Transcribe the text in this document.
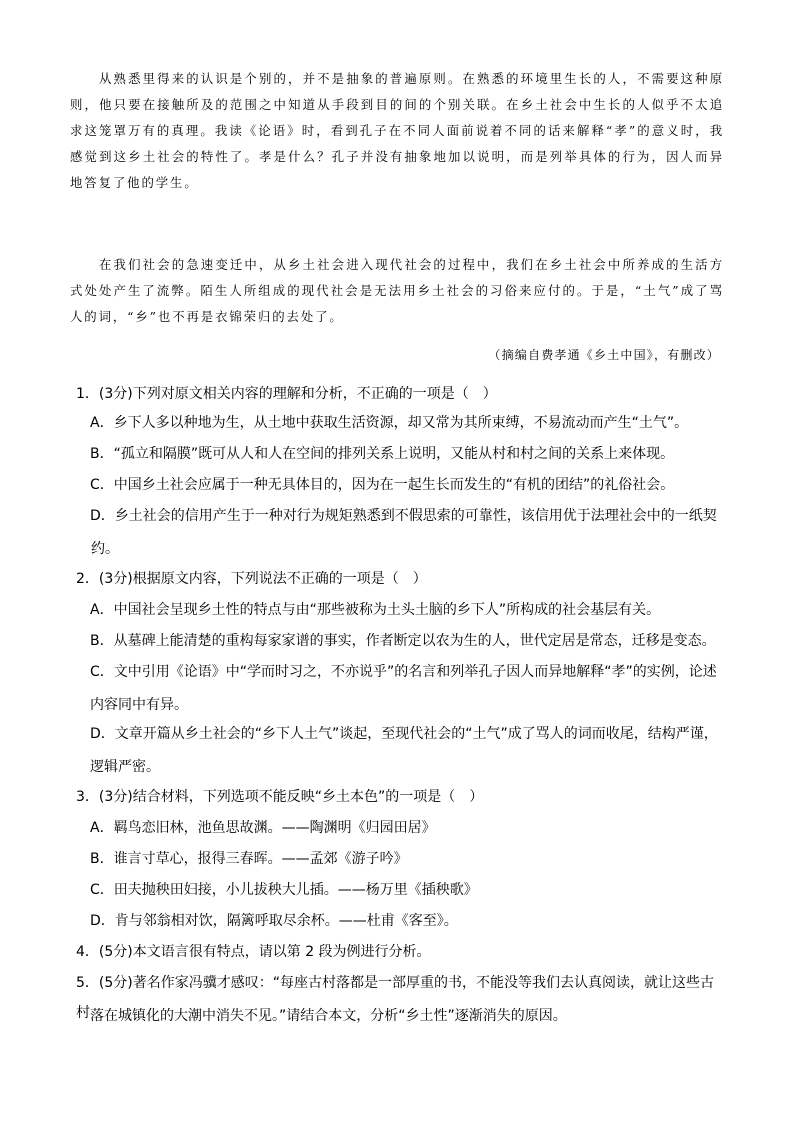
从熟悉里得来的认识是个别的，并不是抽象的普遍原则。在熟悉的环境里生长的人，不需要这种原则，他只要在接触所及的范围之中知道从手段到目的间的个别关联。在乡土社会中生长的人似乎不太追求这笼罩万有的真理。我读《论语》时，看到孔子在不同人面前说着不同的话来解释“孝”的意义时，我感觉到这乡土社会的特性了。孝是什么？孔子并没有抽象地加以说明，而是列举具体的行为，因人而异地答复了他的学生。

在我们社会的急速变迁中，从乡土社会进入现代社会的过程中，我们在乡土社会中所养成的生活方式处处产生了流弊。陌生人所组成的现代社会是无法用乡土社会的习俗来应付的。于是，“土气”成了骂人的词，“乡”也不再是衣锦荣归的去处了。

（摘编自费孝通《乡土中国》，有删改）
1．(3分)下列对原文相关内容的理解和分析，不正确的一项是（　）
A．乡下人多以种地为生，从土地中获取生活资源，却又常为其所束缚，不易流动而产生“土气”。
B．“孤立和隔膜”既可从人和人在空间的排列关系上说明，又能从村和村之间的关系上来体现。
C．中国乡土社会应属于一种无具体目的，因为在一起生长而发生的“有机的团结”的礼俗社会。
D．乡土社会的信用产生于一种对行为规矩熟悉到不假思索的可靠性，该信用优于法理社会中的一纸契
约。
2．(3分)根据原文内容，下列说法不正确的一项是（　）
A．中国社会呈现乡土性的特点与由“那些被称为土头土脑的乡下人”所构成的社会基层有关。
B．从墓碑上能清楚的重构每家家谱的事实，作者断定以农为生的人，世代定居是常态，迁移是变态。
C．文中引用《论语》中“学而时习之，不亦说乎”的名言和列举孔子因人而异地解释“孝”的实例，论述
内容同中有异。
D．文章开篇从乡土社会的“乡下人土气”谈起，至现代社会的“土气”成了骂人的词而收尾，结构严谨，
逻辑严密。
3．(3分)结合材料，下列选项不能反映“乡土本色”的一项是（　）
A．羁鸟恋旧林，池鱼思故渊。——陶渊明《归园田居》
B．谁言寸草心，报得三春晖。——孟郊《游子吟》
C．田夫抛秧田妇接，小儿拔秧大儿插。——杨万里《插秧歌》
D．肯与邻翁相对饮，隔篱呼取尽余杯。——杜甫《客至》。
4．(5分)本文语言很有特点，请以第 2 段为例进行分析。
5．(5分)著名作家冯骥才感叹：“每座古村落都是一部厚重的书，不能没等我们去认真阅读，就让这些古村 落在城镇化的大潮中消失不见。”请结合本文，分析“乡土性”逐渐消失的原因。
